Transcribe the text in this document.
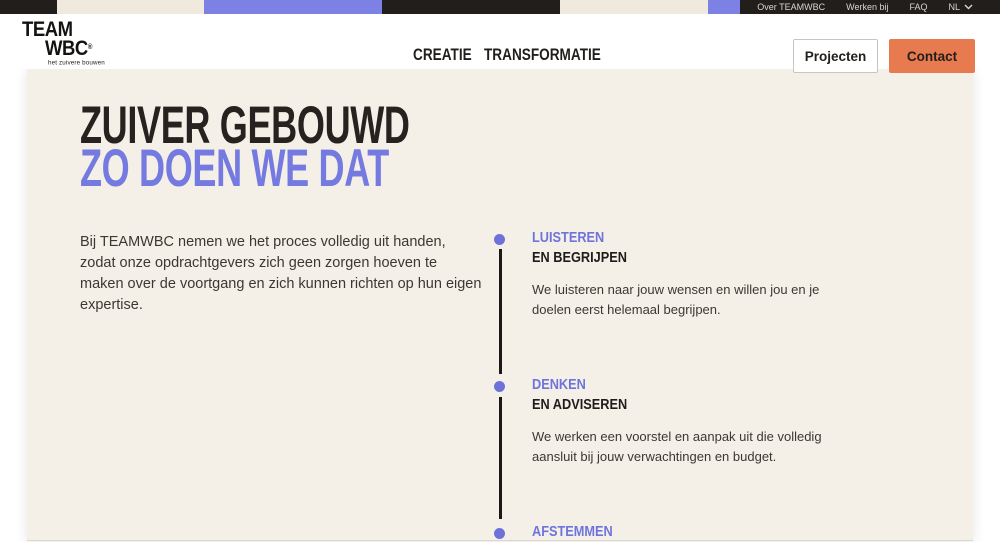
Over TEAMWBC Werken bij FAQ NL
TEAM
WBC®
het zuivere bouwen	CREATIE TRANSFORMATIE	Projecten	Contact
ZUIVER GEBOUWD
ZO DOEN WE DAT

Bij TEAMWBC nemen we het proces volledig uit handen, zodat onze opdrachtgevers zich geen zorgen hoeven te maken over de voortgang en zich kunnen richten op hun eigen expertise.

LUISTEREN
EN BEGRIJPEN
We luisteren naar jouw wensen en willen jou en je doelen eerst helemaal begrijpen.
DENKEN
EN ADVISEREN
We werken een voorstel en aanpak uit die volledig aansluit bij jouw verwachtingen en budget.
AFSTEMMEN
